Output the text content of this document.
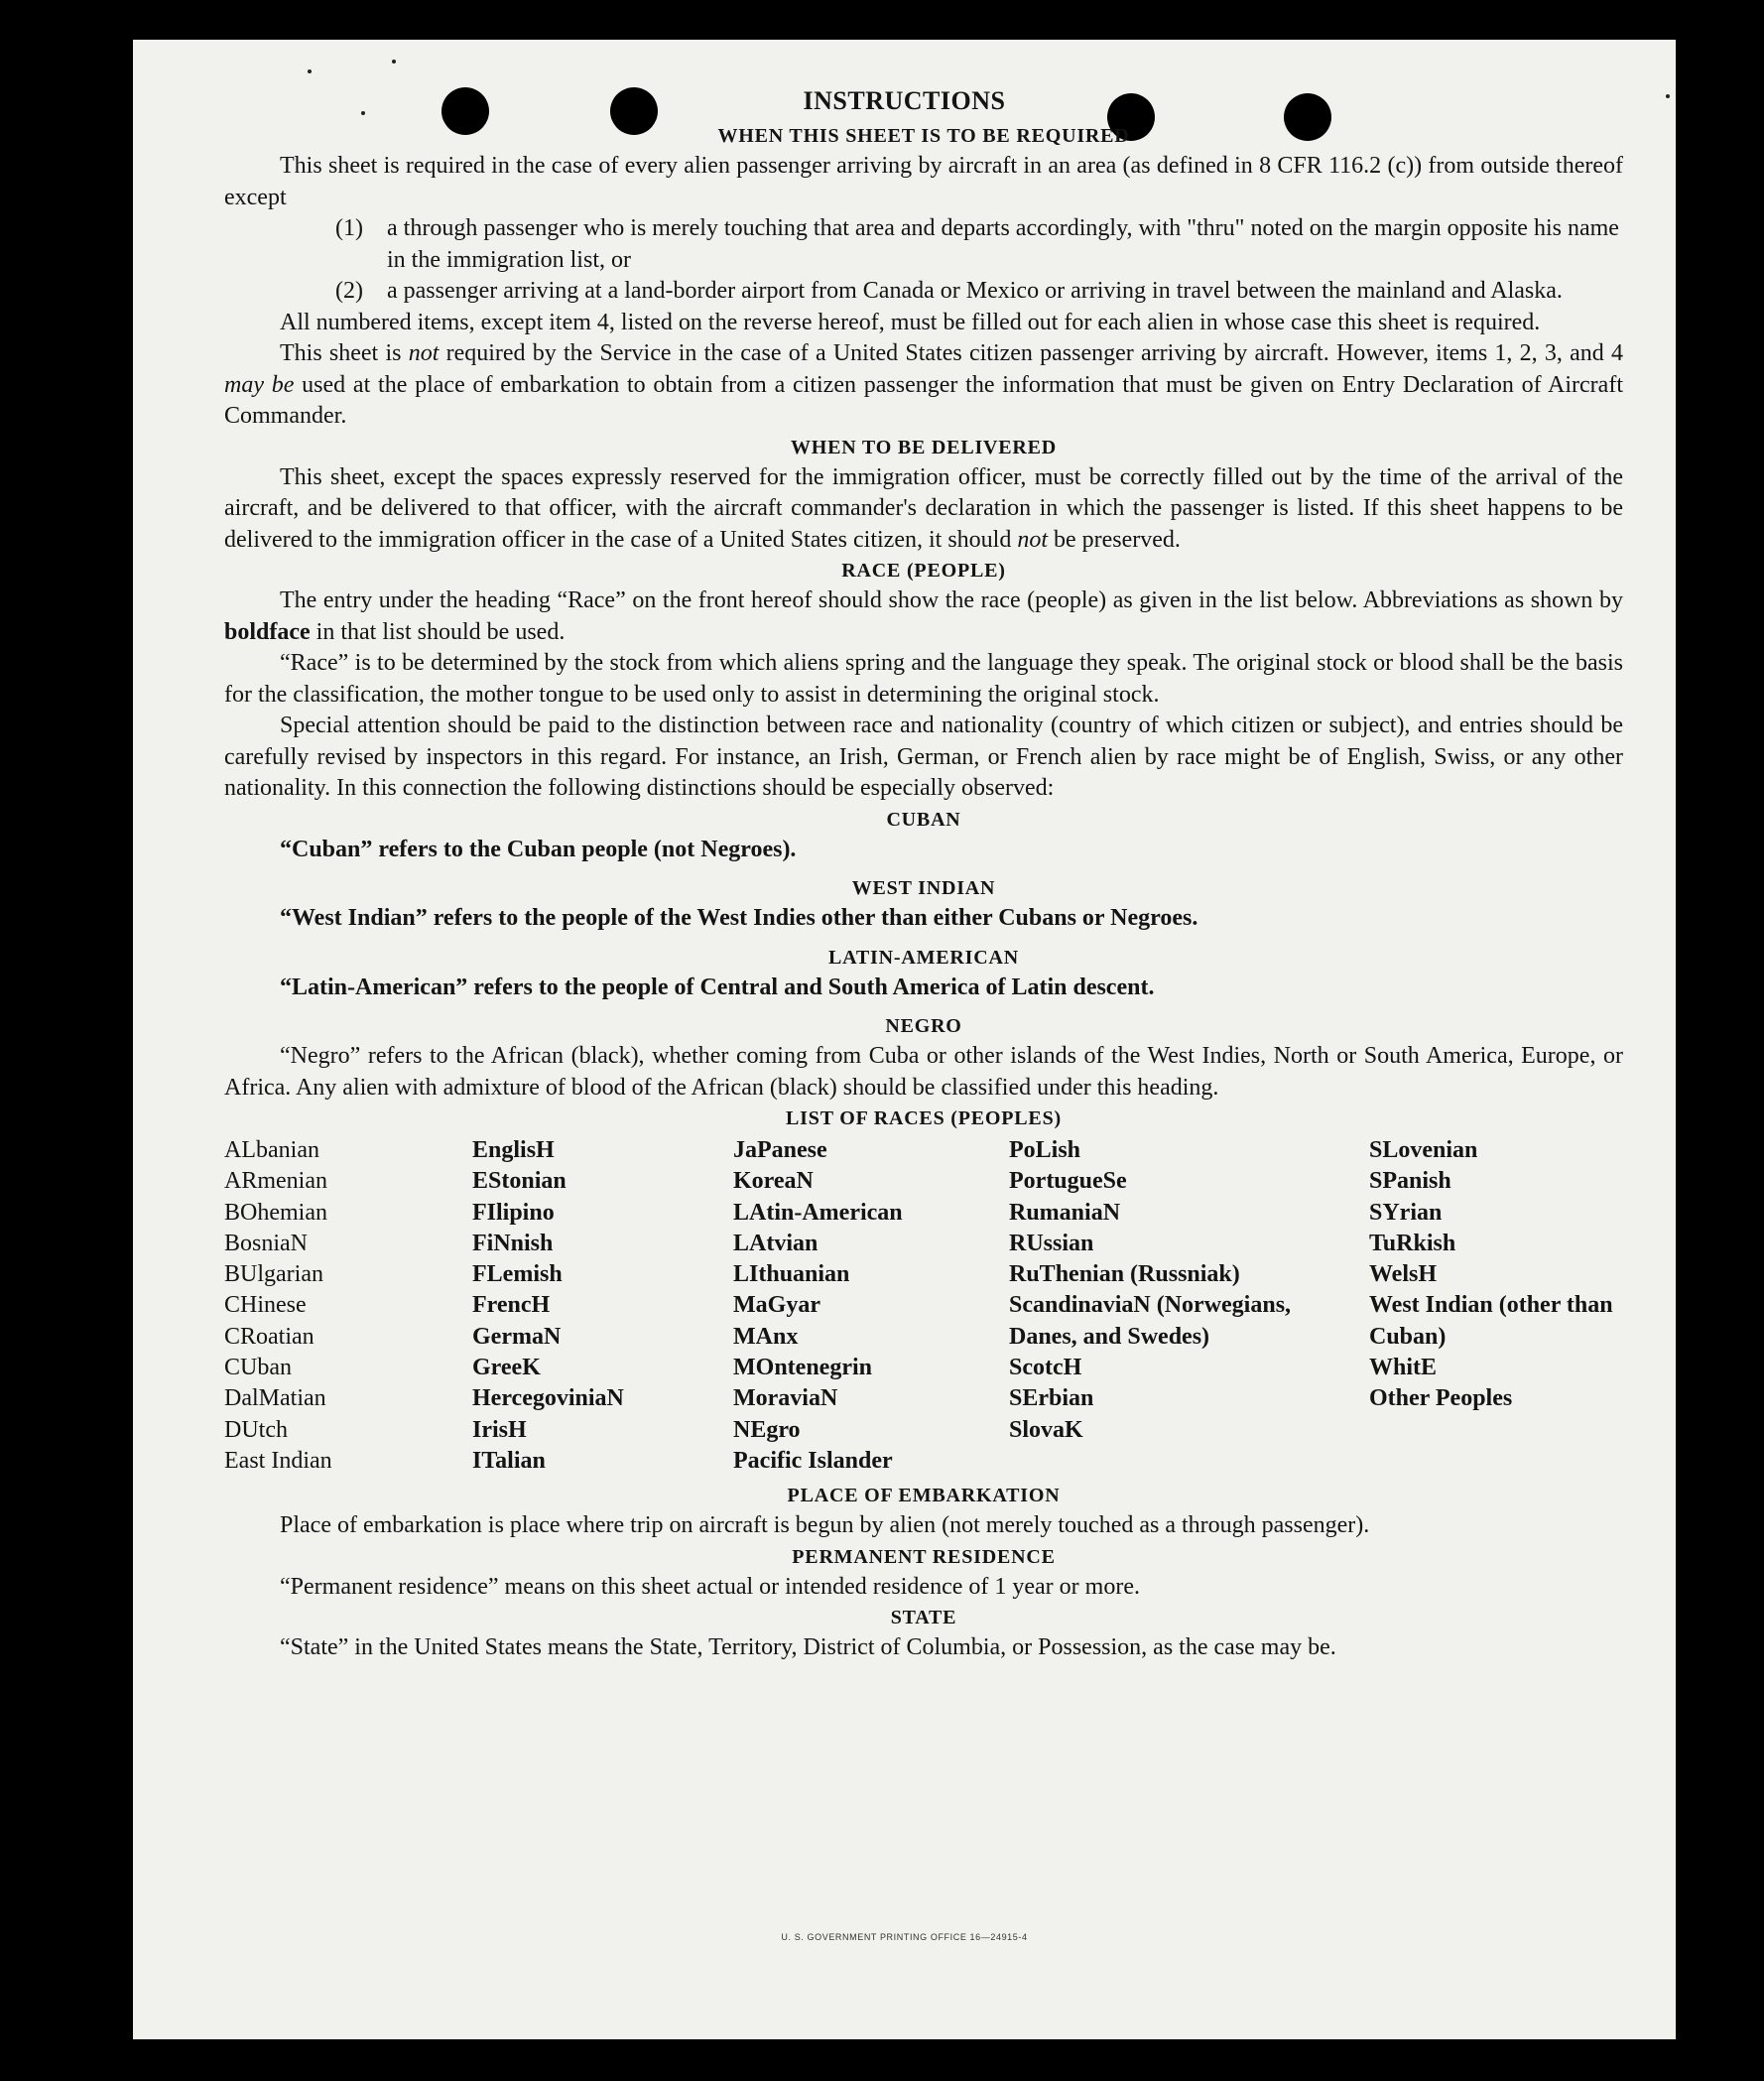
INSTRUCTIONS
WHEN THIS SHEET IS TO BE REQUIRED

This sheet is required in the case of every alien passenger arriving by aircraft in an area (as defined in 8 CFR 116.2 (c)) from outside thereof except

(1)	a through passenger who is merely touching that area and departs accordingly, with "thru" noted on the margin opposite his name in the immigration list, or
(2)	a passenger arriving at a land-border airport from Canada or Mexico or arriving in travel between the mainland and Alaska.

All numbered items, except item 4, listed on the reverse hereof, must be filled out for each alien in whose case this sheet is required.

This sheet is not required by the Service in the case of a United States citizen passenger arriving by aircraft. However, items 1, 2, 3, and 4 may be used at the place of embarkation to obtain from a citizen passenger the information that must be given on Entry Declaration of Aircraft Commander.

WHEN TO BE DELIVERED

This sheet, except the spaces expressly reserved for the immigration officer, must be correctly filled out by the time of the arrival of the aircraft, and be delivered to that officer, with the aircraft commander's declaration in which the passenger is listed. If this sheet happens to be delivered to the immigration officer in the case of a United States citizen, it should not be preserved.

RACE (PEOPLE)

The entry under the heading “Race” on the front hereof should show the race (people) as given in the list below. Abbreviations as shown by boldface in that list should be used.

“Race” is to be determined by the stock from which aliens spring and the language they speak. The original stock or blood shall be the basis for the classification, the mother tongue to be used only to assist in determining the original stock.

Special attention should be paid to the distinction between race and nationality (country of which citizen or subject), and entries should be carefully revised by inspectors in this regard. For instance, an Irish, German, or French alien by race might be of English, Swiss, or any other nationality. In this connection the following distinctions should be especially observed:

CUBAN

“Cuban” refers to the Cuban people (not Negroes).

WEST INDIAN

“West Indian” refers to the people of the West Indies other than either Cubans or Negroes.

LATIN-AMERICAN

“Latin-American” refers to the people of Central and South America of Latin descent.

NEGRO

“Negro” refers to the African (black), whether coming from Cuba or other islands of the West Indies, North or South America, Europe, or Africa. Any alien with admixture of blood of the African (black) should be classified under this heading.

LIST OF RACES (PEOPLES)
ALbanian
ARmenian
BOhemian
BosniaN
BUlgarian
CHinese
CRoatian
CUban
DalMatian
DUtch
East Indian
EnglisH
EStonian
FIlipino
FiNnish
FLemish
FrencH
GermaN
GreeK
HercegoviniaN
IrisH
ITalian
JaPanese
KoreaN
LAtin-American
LAtvian
LIthuanian
MaGyar
MAnx
MOntenegrin
MoraviaN
NEgro
Pacific Islander
PoLish
PortugueSe
RumaniaN
RUssian
RuThenian (Russniak)
ScandinaviaN (Norwegians, Danes, and Swedes)
ScotcH
SErbian
SlovaK
SLovenian
SPanish
SYrian
TuRkish
WelsH
West Indian (other than Cuban)
WhitE
Other Peoples
PLACE OF EMBARKATION

Place of embarkation is place where trip on aircraft is begun by alien (not merely touched as a through passenger).

PERMANENT RESIDENCE

“Permanent residence” means on this sheet actual or intended residence of 1 year or more.

STATE

“State” in the United States means the State, Territory, District of Columbia, or Possession, as the case may be.

U. S. GOVERNMENT PRINTING OFFICE 16—24915-4
